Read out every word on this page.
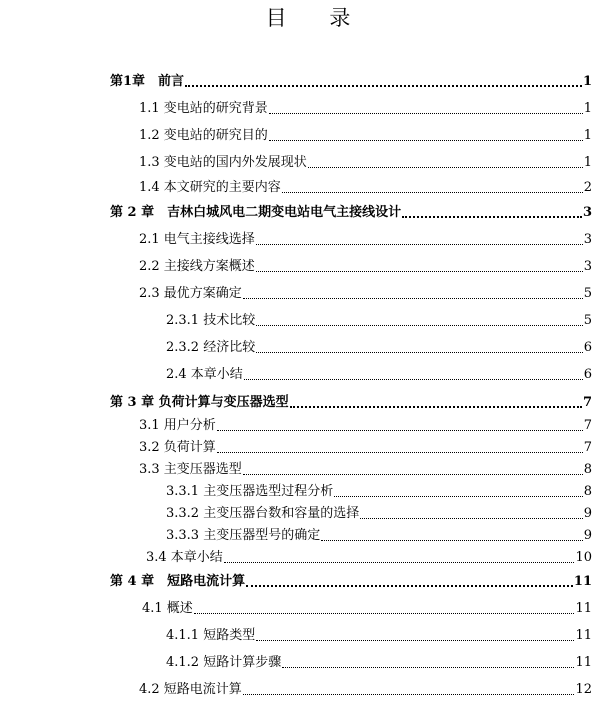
目 录
第1章　前言	1
1.1 变电站的研究背景	1
1.2 变电站的研究目的	1
1.3 变电站的国内外发展现状	1
1.4 本文研究的主要内容	2
第 2 章　吉林白城风电二期变电站电气主接线设计	3
2.1 电气主接线选择	3
2.2 主接线方案概述	3
2.3 最优方案确定	5
2.3.1 技术比较	5
2.3.2 经济比较	6
2.4 本章小结	6
第 3 章 负荷计算与变压器选型	7
3.1 用户分析	7
3.2 负荷计算	7
3.3 主变压器选型	8
3.3.1 主变压器选型过程分析	8
3.3.2 主变压器台数和容量的选择	9
3.3.3 主变压器型号的确定	9
3.4 本章小结	10
第 4 章　短路电流计算	11
4.1 概述	11
4.1.1 短路类型	11
4.1.2 短路计算步骤	11
4.2 短路电流计算	12
